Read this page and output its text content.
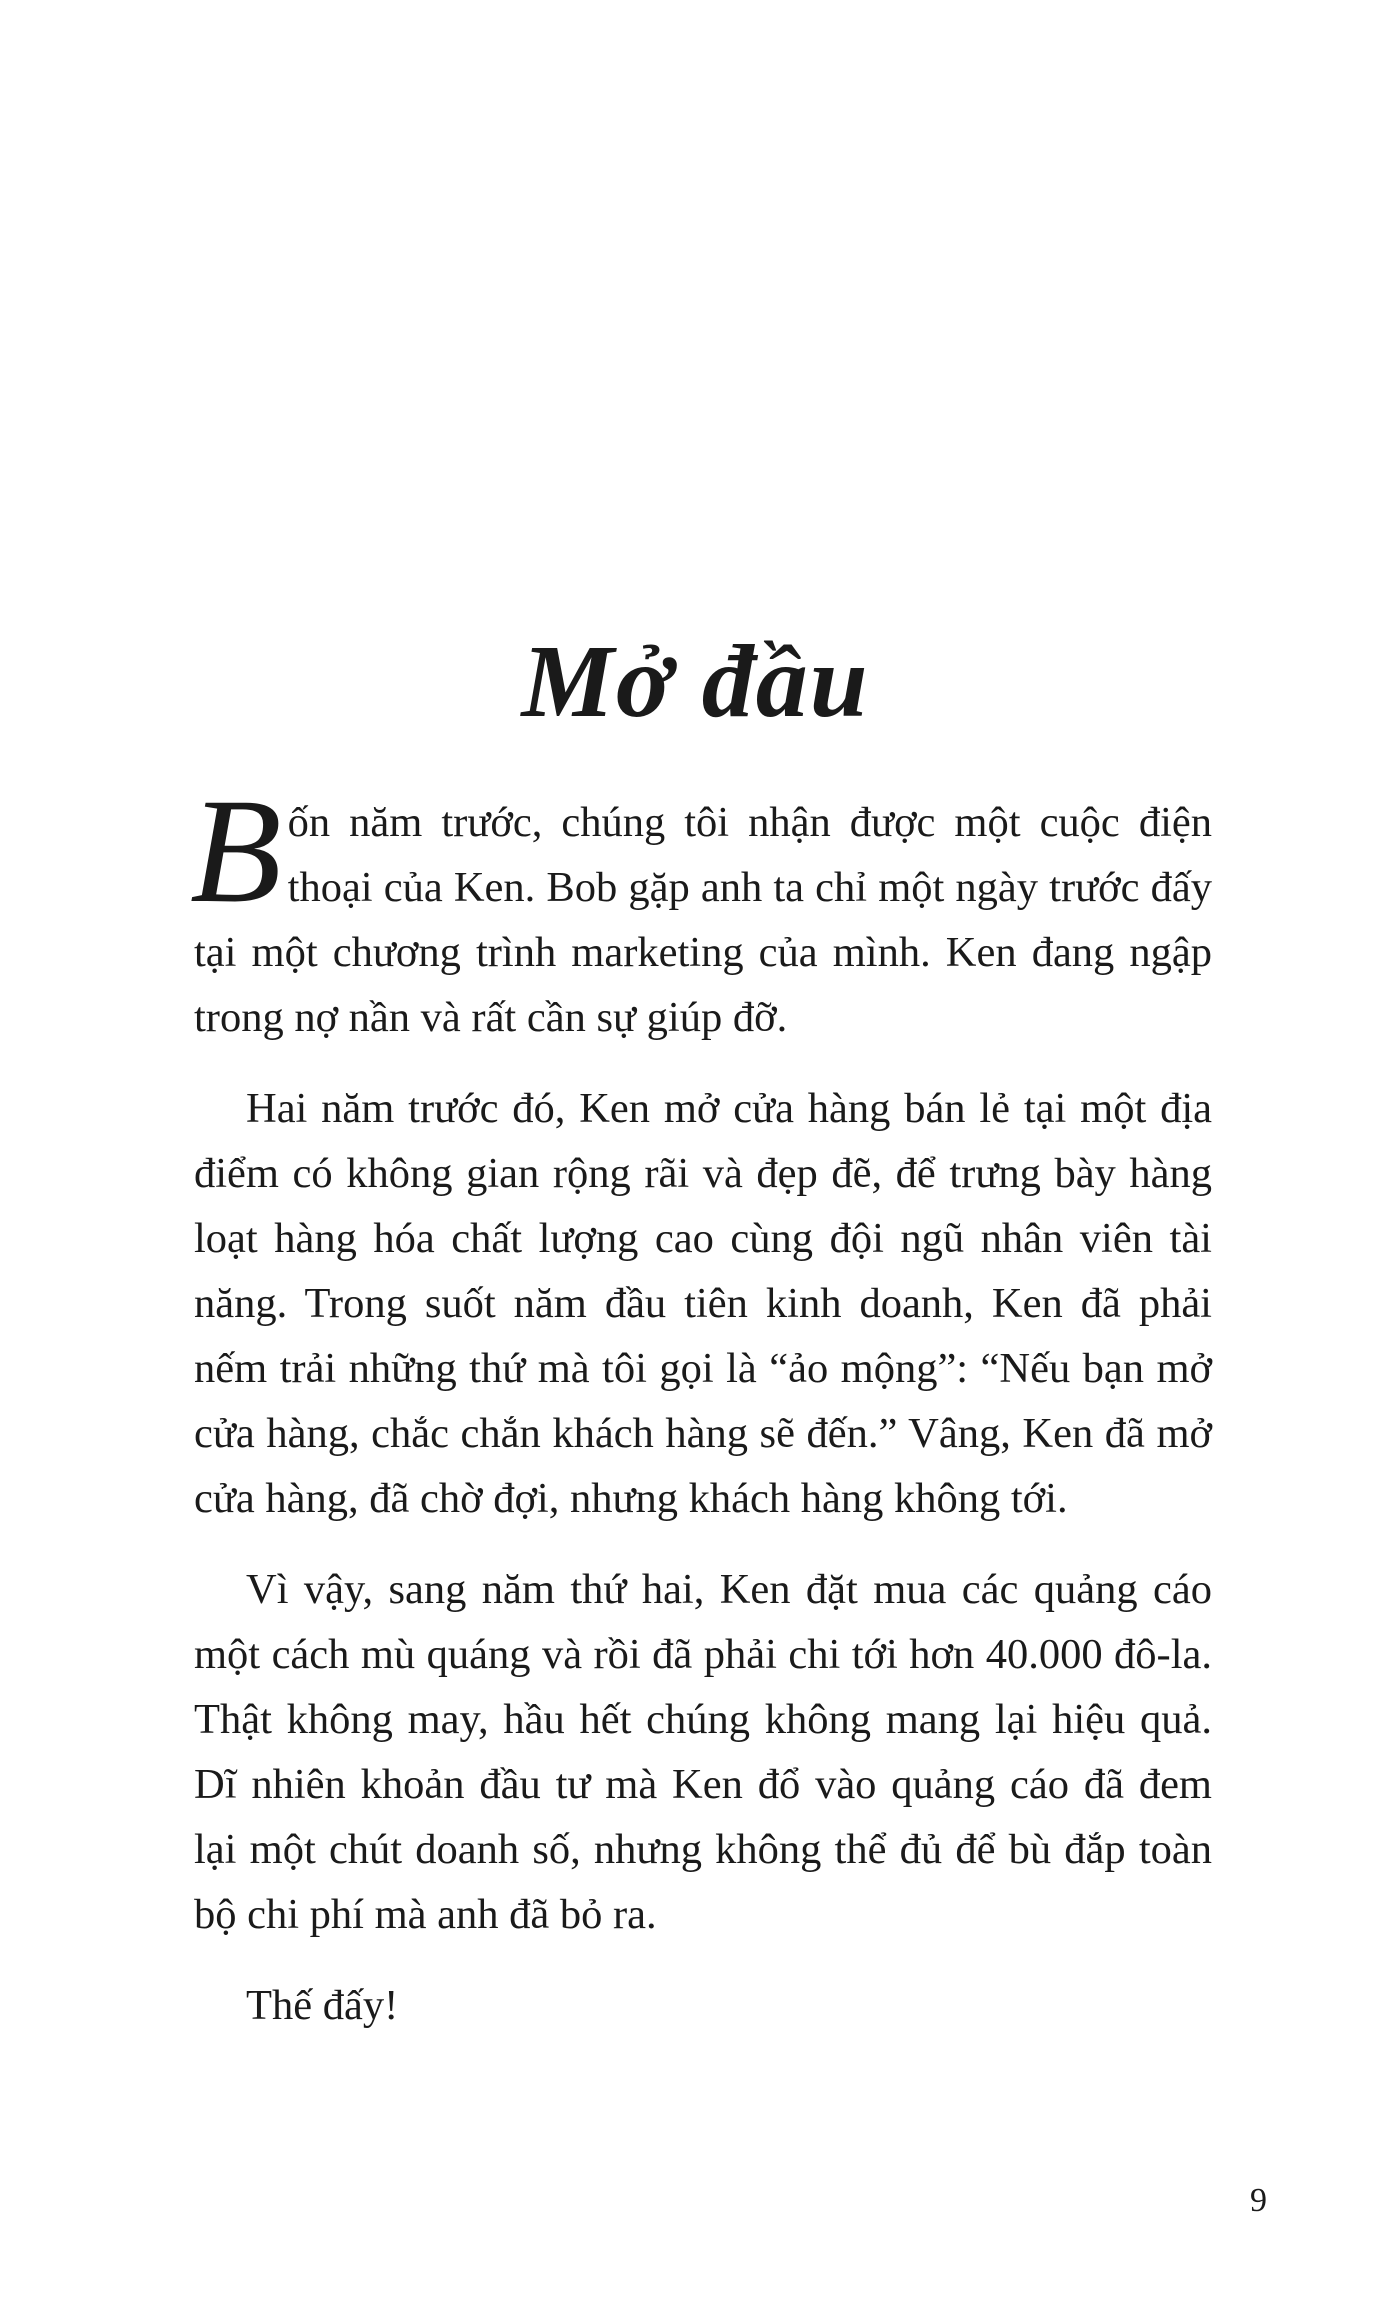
Mở đầu

Bốn năm trước, chúng tôi nhận được một cuộc điện thoại của Ken. Bob gặp anh ta chỉ một ngày trước đấy tại một chương trình marketing của mình. Ken đang ngập trong nợ nần và rất cần sự giúp đỡ.

Hai năm trước đó, Ken mở cửa hàng bán lẻ tại một địa điểm có không gian rộng rãi và đẹp đẽ, để trưng bày hàng loạt hàng hóa chất lượng cao cùng đội ngũ nhân viên tài năng. Trong suốt năm đầu tiên kinh doanh, Ken đã phải nếm trải những thứ mà tôi gọi là “ảo mộng”: “Nếu bạn mở cửa hàng, chắc chắn khách hàng sẽ đến.” Vâng, Ken đã mở cửa hàng, đã chờ đợi, nhưng khách hàng không tới.

Vì vậy, sang năm thứ hai, Ken đặt mua các quảng cáo một cách mù quáng và rồi đã phải chi tới hơn 40.000 đô-la. Thật không may, hầu hết chúng không mang lại hiệu quả. Dĩ nhiên khoản đầu tư mà Ken đổ vào quảng cáo đã đem lại một chút doanh số, nhưng không thể đủ để bù đắp toàn bộ chi phí mà anh đã bỏ ra.

Thế đấy!

9
